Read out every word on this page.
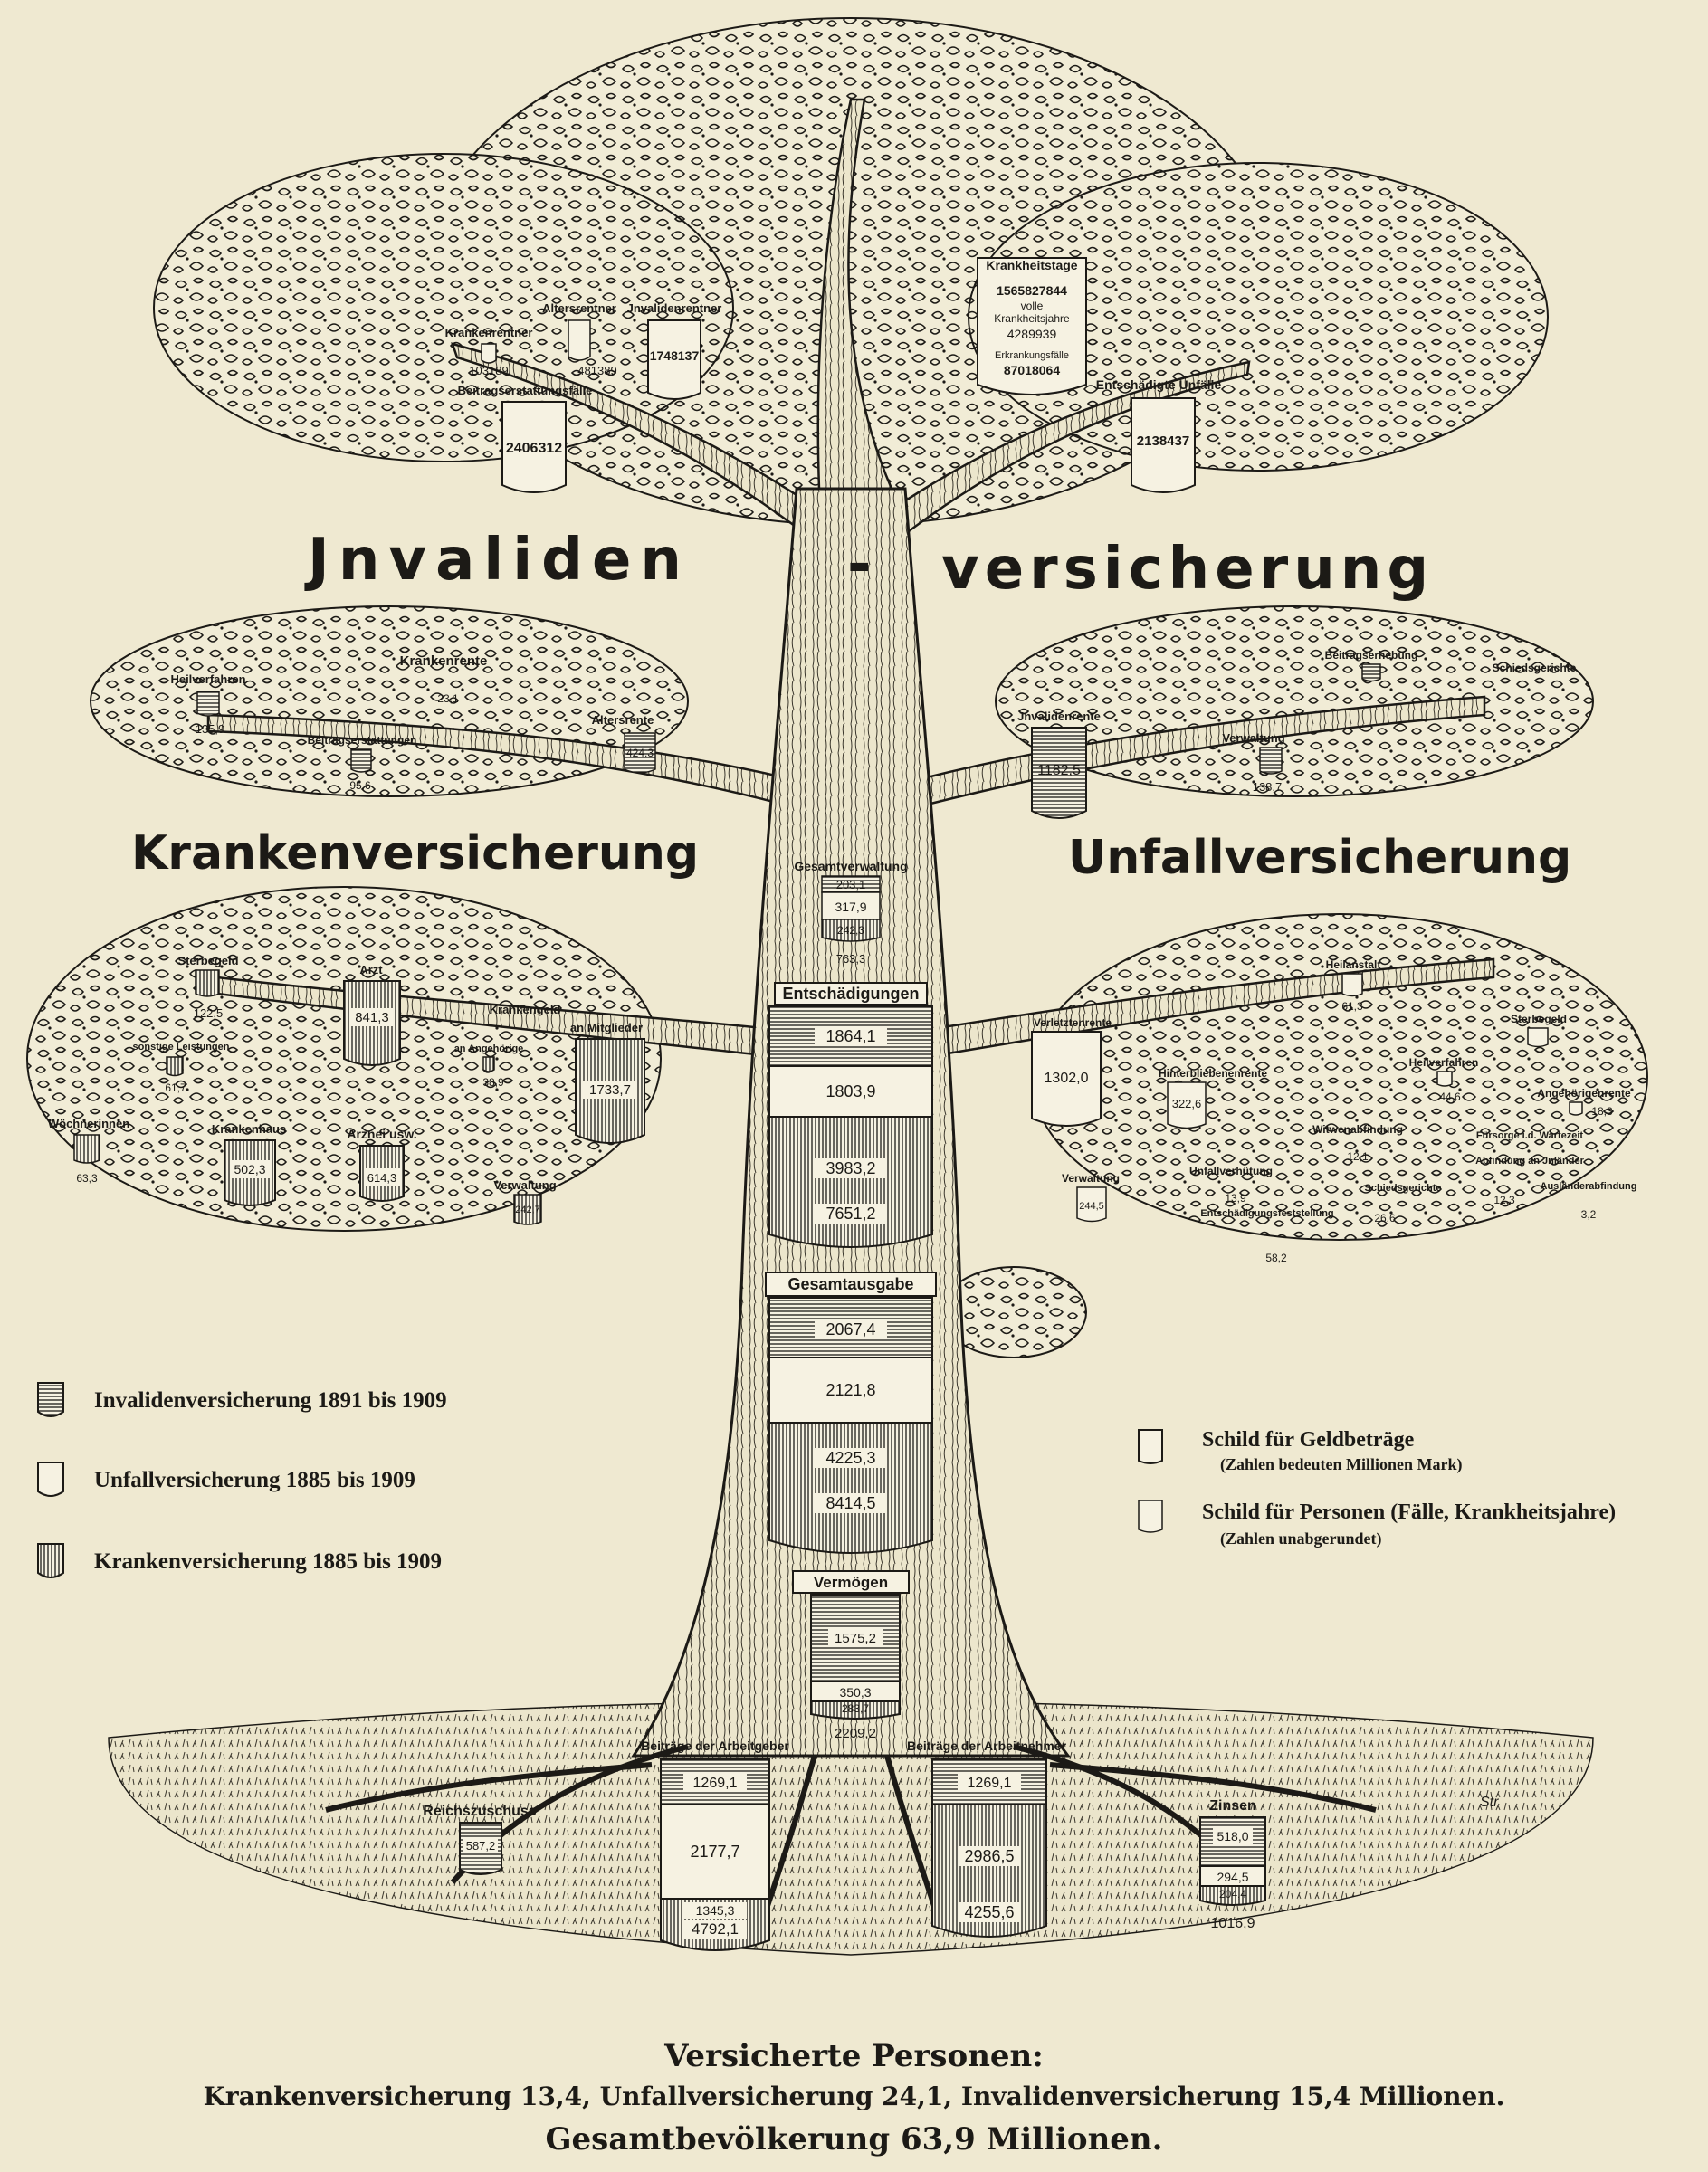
Jnvaliden	- versicherung
Krankenversicherung	Unfallversicherung
Krankheitstage
1565827844
volle
Krankheitsjahre
4289939
Erkrankungsfälle
87018064
Krankenrentner
103189
Altersrentner
481389
Jnvalidenrentner
1748137
Beitragserstattungsfälle
2406312
Entschädigte Unfälle
2138437
Heilverfahren
135,9
Krankenrente
23,1
Beitragserstattungen
95,6
Altersrente
424,3
Jnvalidenrente
1182,5
Verwaltung
138,7
Beitragserhebung
Schiedsgerichte
Gesamtverwaltung
203,1
317,9
242,3
763,3
Entschädigungen
1864,1
1803,9
3983,2
7651,2
Gesamtausgabe
2067,4
2121,8
4225,3
8414,5
Vermögen
1575,2
350,3
283,7
2209,2
Sterbegeld
122,5
Arzt
841,3
Krankengeld
an Mitglieder
1733,7
an Angehörige
38,9
sonstige Leistungen
61,7
Wöchnerinnen
63,3
Krankenhaus
502,3
Arznei usw.
614,3
Verwaltung
242,7
Heilanstalt
61,3
Sterbegeld
Verletztenrente
1302,0	Hinterbliebenenrente
322,6
Heilverfahren
44,6	Angehörigenrente
18,3
Witwenabfindung
12,1
Fürsorge i.d. Wartezeit
Abfindung an Jnländer
12,3
Ausländerabfindung
3,2
Unfallverhütung
13,9
Schiedsgerichte
26,6
Entschädigungsfeststellung
58,2
Verwaltung
244,5
Beiträge der Arbeitgeber
1269,1
2177,7
1345,3
4792,1
Beiträge der Arbeitnehmer
1269,1
2986,5
4255,6
Reichszuschuss
587,2
Zinsen
518,0
294,5
204,4
1016,9
Str
Invalidenversicherung 1891 bis 1909
Unfallversicherung 1885 bis 1909
Krankenversicherung 1885 bis 1909
Schild für Geldbeträge
(Zahlen bedeuten Millionen Mark)
Schild für Personen (Fälle, Krankheitsjahre)
(Zahlen unabgerundet)
Versicherte Personen:
Krankenversicherung 13,4, Unfallversicherung 24,1, Invalidenversicherung 15,4 Millionen.
Gesamtbevölkerung 63,9 Millionen.
